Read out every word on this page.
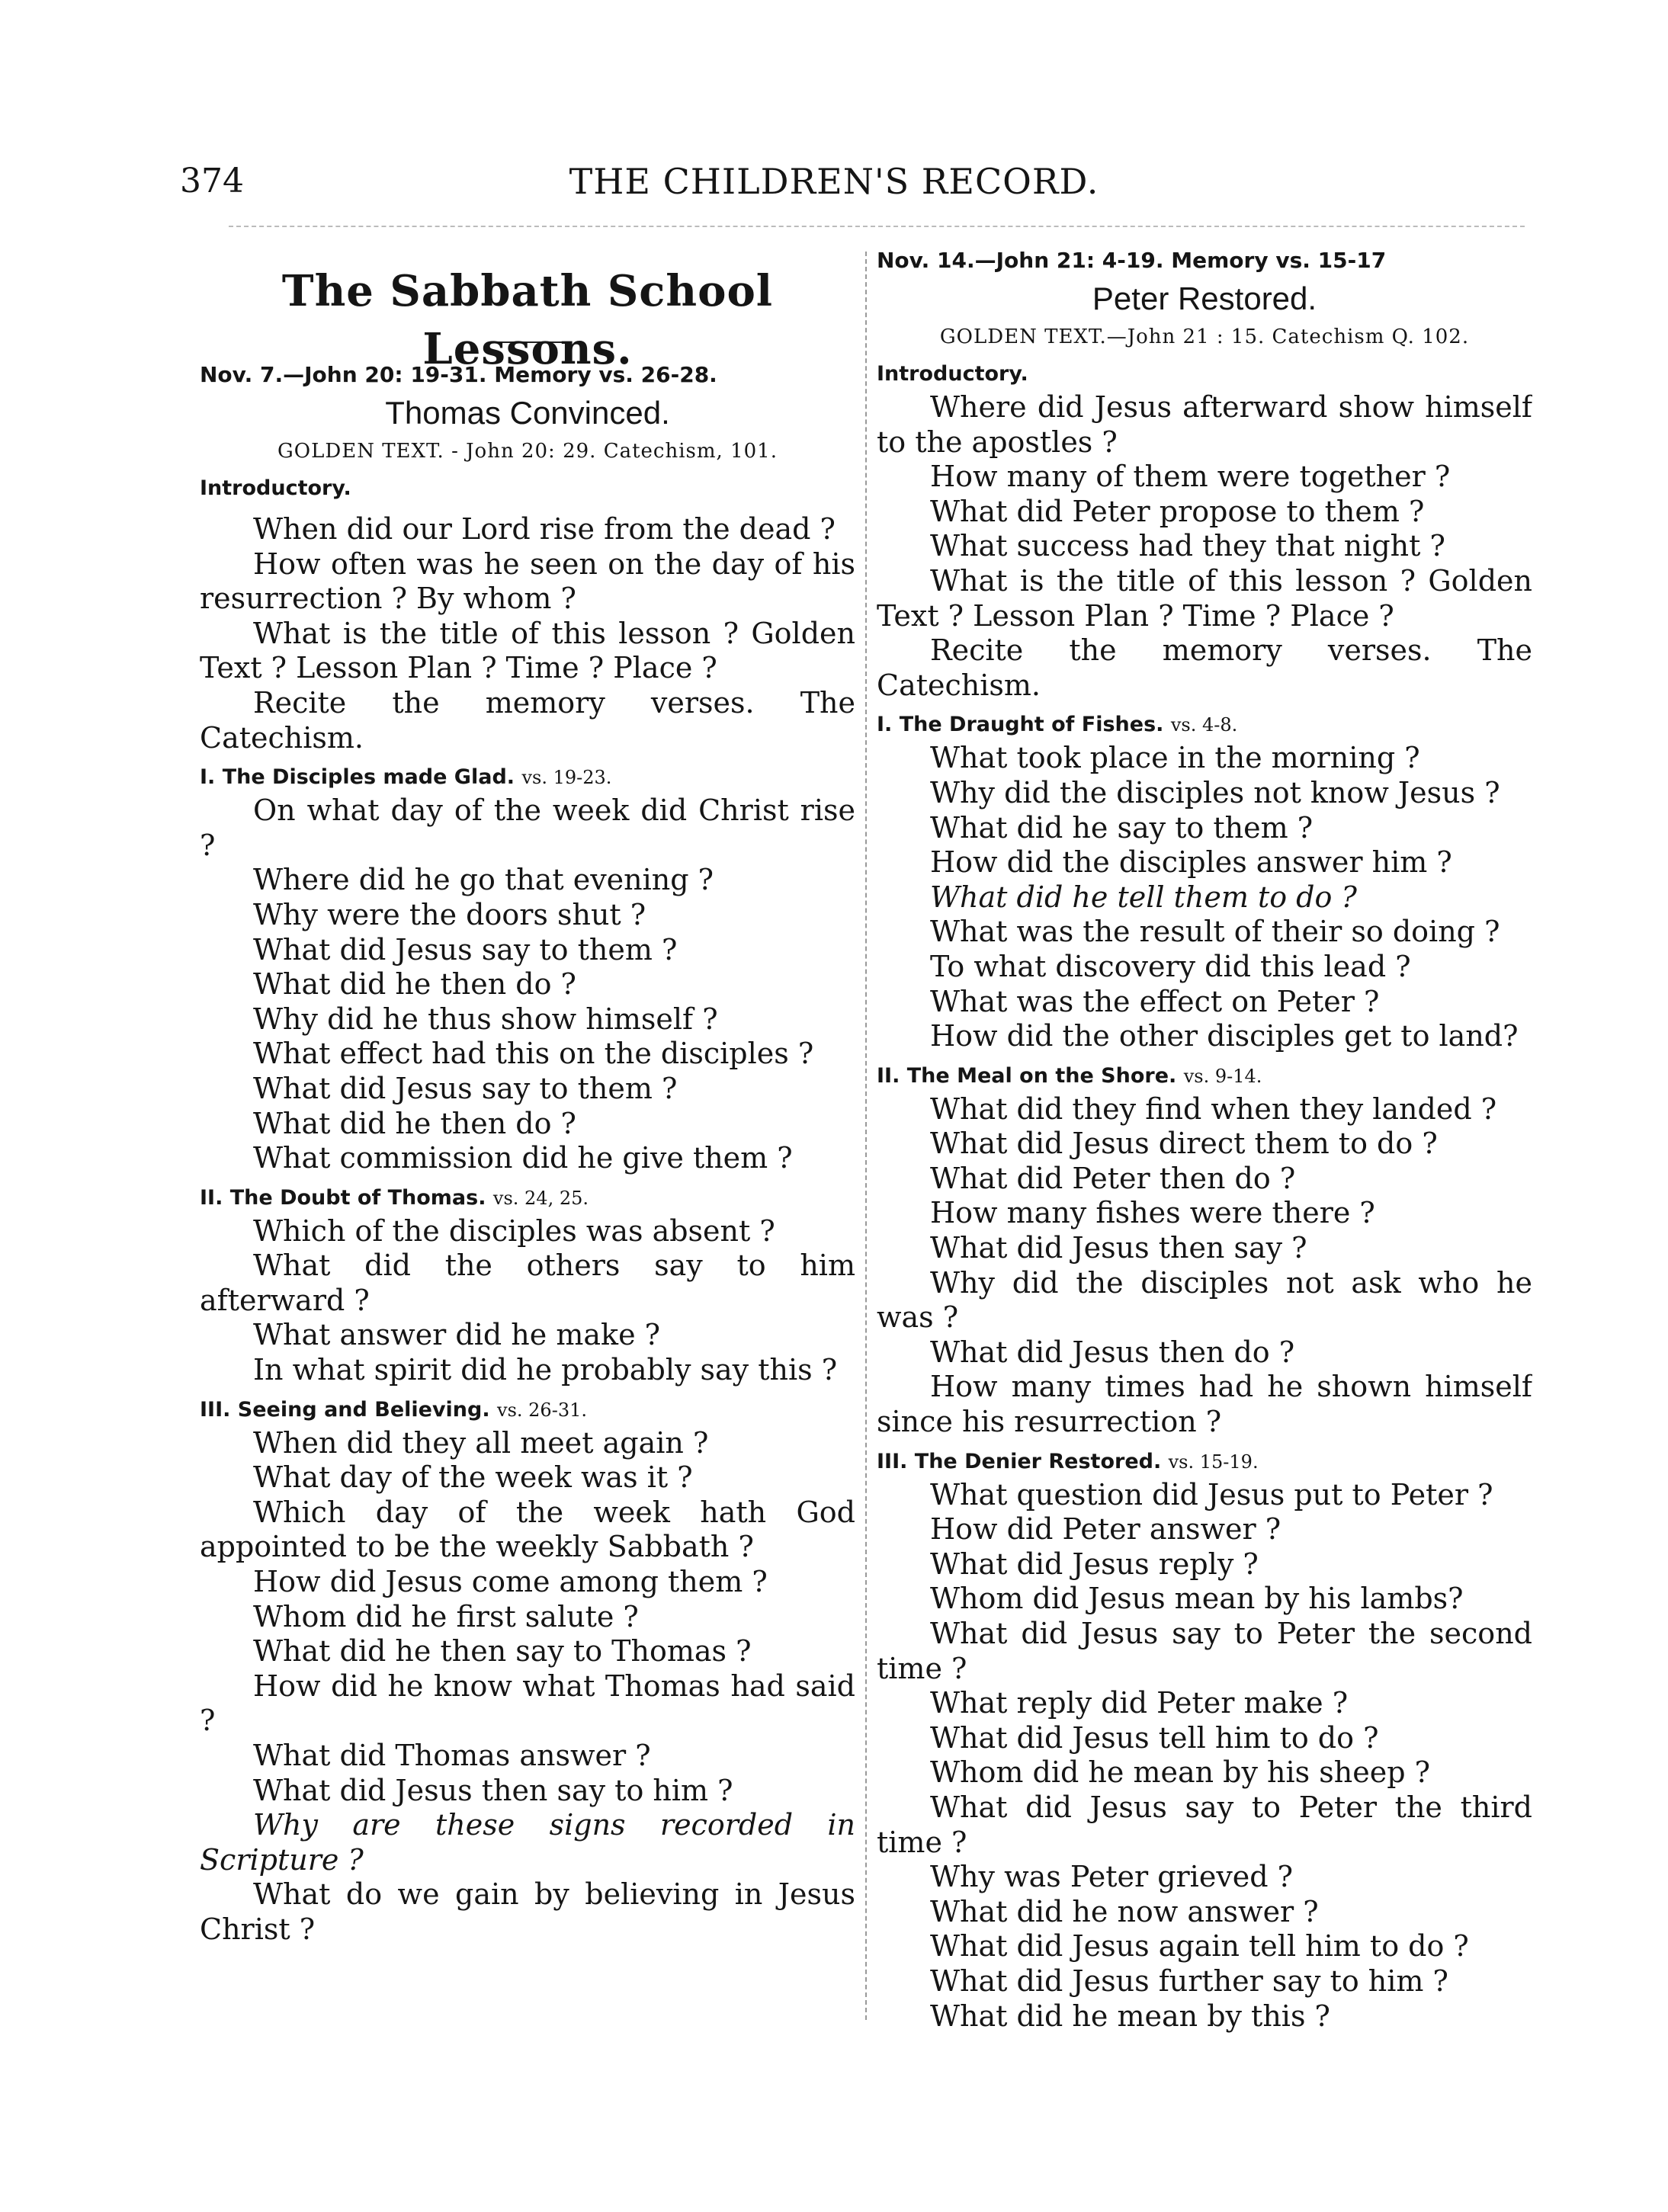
374	THE CHILDREN'S RECORD.
The Sabbath School Lessons.
Nov. 7.—John 20: 19-31. Memory vs. 26-28.
Thomas Convinced.
GOLDEN TEXT. - John 20: 29. Catechism, 101.
Introductory.
When did our Lord rise from the dead ?
How often was he seen on the day of his resurrection ? By whom ?
What is the title of this lesson ? Golden Text ? Lesson Plan ? Time ? Place ?
Recite the memory verses. The Catechism.
I. The Disciples made Glad. vs. 19-23.
On what day of the week did Christ rise ?
Where did he go that evening ?
Why were the doors shut ?
What did Jesus say to them ?
What did he then do ?
Why did he thus show himself ?
What effect had this on the disciples ?
What did Jesus say to them ?
What did he then do ?
What commission did he give them ?
II. The Doubt of Thomas. vs. 24, 25.
Which of the disciples was absent ?
What did the others say to him afterward ?
What answer did he make ?
In what spirit did he probably say this ?
III. Seeing and Believing. vs. 26-31.
When did they all meet again ?
What day of the week was it ?
Which day of the week hath God appointed to be the weekly Sabbath ?
How did Jesus come among them ?
Whom did he first salute ?
What did he then say to Thomas ?
How did he know what Thomas had said ?
What did Thomas answer ?
What did Jesus then say to him ?
Why are these signs recorded in Scripture ?
What do we gain by believing in Jesus Christ ?
Nov. 14.—John 21: 4-19. Memory vs. 15-17
Peter Restored.
GOLDEN TEXT.—John 21 : 15. Catechism Q. 102.
Introductory.
Where did Jesus afterward show himself to the apostles ?
How many of them were together ?
What did Peter propose to them ?
What success had they that night ?
What is the title of this lesson ? Golden Text ? Lesson Plan ? Time ? Place ?
Recite the memory verses. The Catechism.
I. The Draught of Fishes. vs. 4-8.
What took place in the morning ?
Why did the disciples not know Jesus ?
What did he say to them ?
How did the disciples answer him ?
What did he tell them to do ?
What was the result of their so doing ?
To what discovery did this lead ?
What was the effect on Peter ?
How did the other disciples get to land?
II. The Meal on the Shore. vs. 9-14.
What did they find when they landed ?
What did Jesus direct them to do ?
What did Peter then do ?
How many fishes were there ?
What did Jesus then say ?
Why did the disciples not ask who he was ?
What did Jesus then do ?
How many times had he shown himself since his resurrection ?
III. The Denier Restored. vs. 15-19.
What question did Jesus put to Peter ?
How did Peter answer ?
What did Jesus reply ?
Whom did Jesus mean by his lambs?
What did Jesus say to Peter the second time ?
What reply did Peter make ?
What did Jesus tell him to do ?
Whom did he mean by his sheep ?
What did Jesus say to Peter the third time ?
Why was Peter grieved ?
What did he now answer ?
What did Jesus again tell him to do ?
What did Jesus further say to him ?
What did he mean by this ?
